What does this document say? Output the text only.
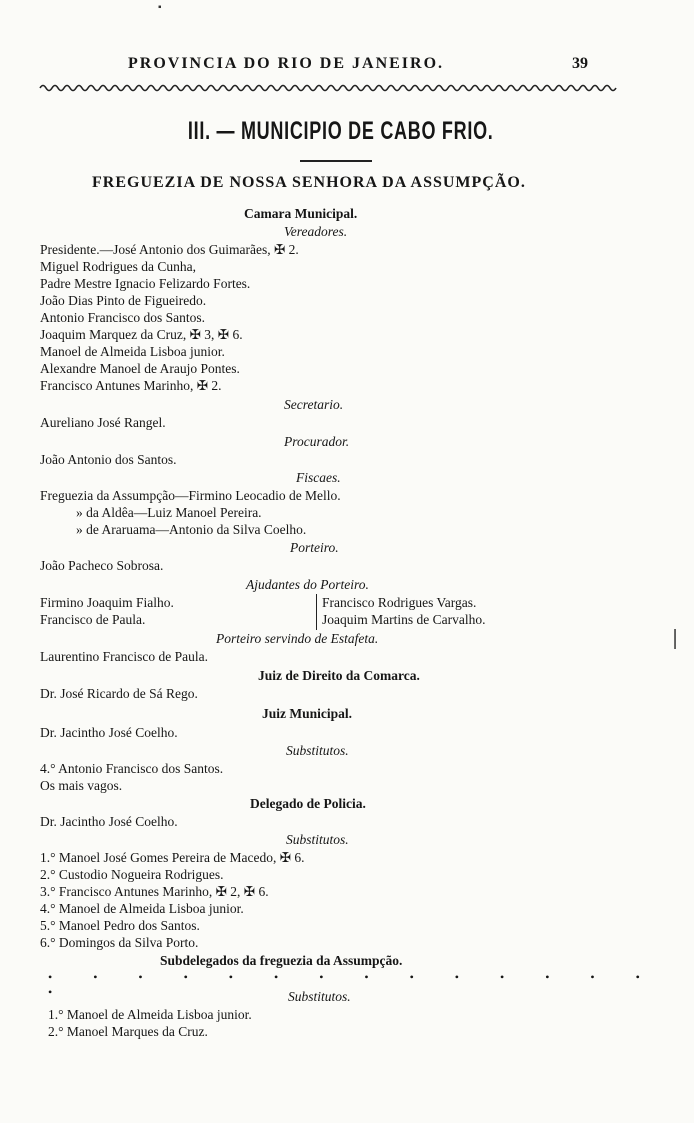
PROVINCIA DO RIO DE JANEIRO.	39
III. — MUNICIPIO DE CABO FRIO.
FREGUEZIA DE NOSSA SENHORA DA ASSUMPÇÃO.
Camara Municipal.
Vereadores.
Presidente.—José Antonio dos Guimarães, ✠ 2.
Miguel Rodrigues da Cunha,
Padre Mestre Ignacio Felizardo Fortes.
João Dias Pinto de Figueiredo.
Antonio Francisco dos Santos.
Joaquim Marquez da Cruz, ✠ 3, ✠ 6.
Manoel de Almeida Lisboa junior.
Alexandre Manoel de Araujo Pontes.
Francisco Antunes Marinho, ✠ 2.
Secretario.
Aureliano José Rangel.
Procurador.
João Antonio dos Santos.
Fiscaes.
Freguezia da Assumpção—Firmino Leocadio de Mello.
» da Aldêa—Luiz Manoel Pereira.
» de Araruama—Antonio da Silva Coelho.
Porteiro.
João Pacheco Sobrosa.
Ajudantes do Porteiro.
Firmino Joaquim Fialho.	Francisco Rodrigues Vargas.
Francisco de Paula.	Joaquim Martins de Carvalho.
Porteiro servindo de Estafeta.
Laurentino Francisco de Paula.
Juiz de Direito da Comarca.
Dr. José Ricardo de Sá Rego.
Juiz Municipal.
Dr. Jacintho José Coelho.
Substitutos.
4.° Antonio Francisco dos Santos.
Os mais vagos.
Delegado de Policia.
Dr. Jacintho José Coelho.
Substitutos.
1.° Manoel José Gomes Pereira de Macedo, ✠ 6.
2.° Custodio Nogueira Rodrigues.
3.° Francisco Antunes Marinho, ✠ 2, ✠ 6.
4.° Manoel de Almeida Lisboa junior.
5.° Manoel Pedro dos Santos.
6.° Domingos da Silva Porto.
Subdelegados da freguezia da Assumpção.
• • • • • • • • • • • • • • •	Substitutos.
1.° Manoel de Almeida Lisboa junior.
2.° Manoel Marques da Cruz.
▪
⎸
